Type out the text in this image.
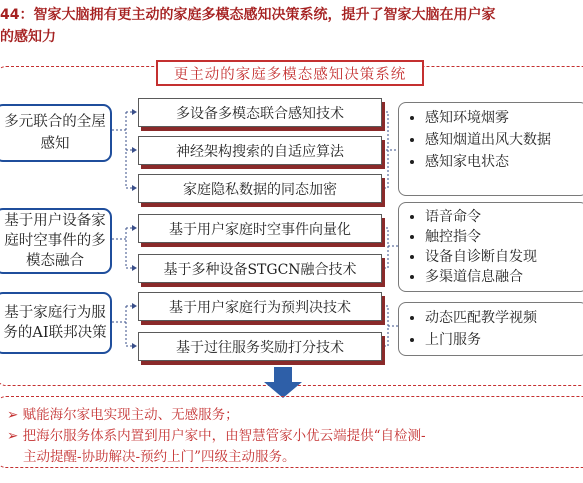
44：智家大脑拥有更主动的家庭多模态感知决策系统，提升了智家大脑在用户家
的感知力
更主动的家庭多模态感知决策系统
多元联合的全屋感知
多设备多模态联合感知技术
神经架构搜索的自适应算法
家庭隐私数据的同态加密
• 感知环境烟雾
• 感知烟道出风大数据
• 感知家电状态
基于用户设备家庭时空事件的多模态融合
基于用户家庭时空事件向量化
基于多种设备STGCN融合技术
• 语音命令
• 触控指令
• 设备自诊断自发现
• 多渠道信息融合
基于家庭行为服务的AI联邦决策
基于用户家庭行为预判决技术
基于过往服务奖励打分技术
• 动态匹配教学视频
• 上门服务
➢ 赋能海尔家电实现主动、无感服务；
➢ 把海尔服务体系内置到用户家中，由智慧管家小优云端提供“自检测-
主动提醒-协助解决-预约上门”四级主动服务。
